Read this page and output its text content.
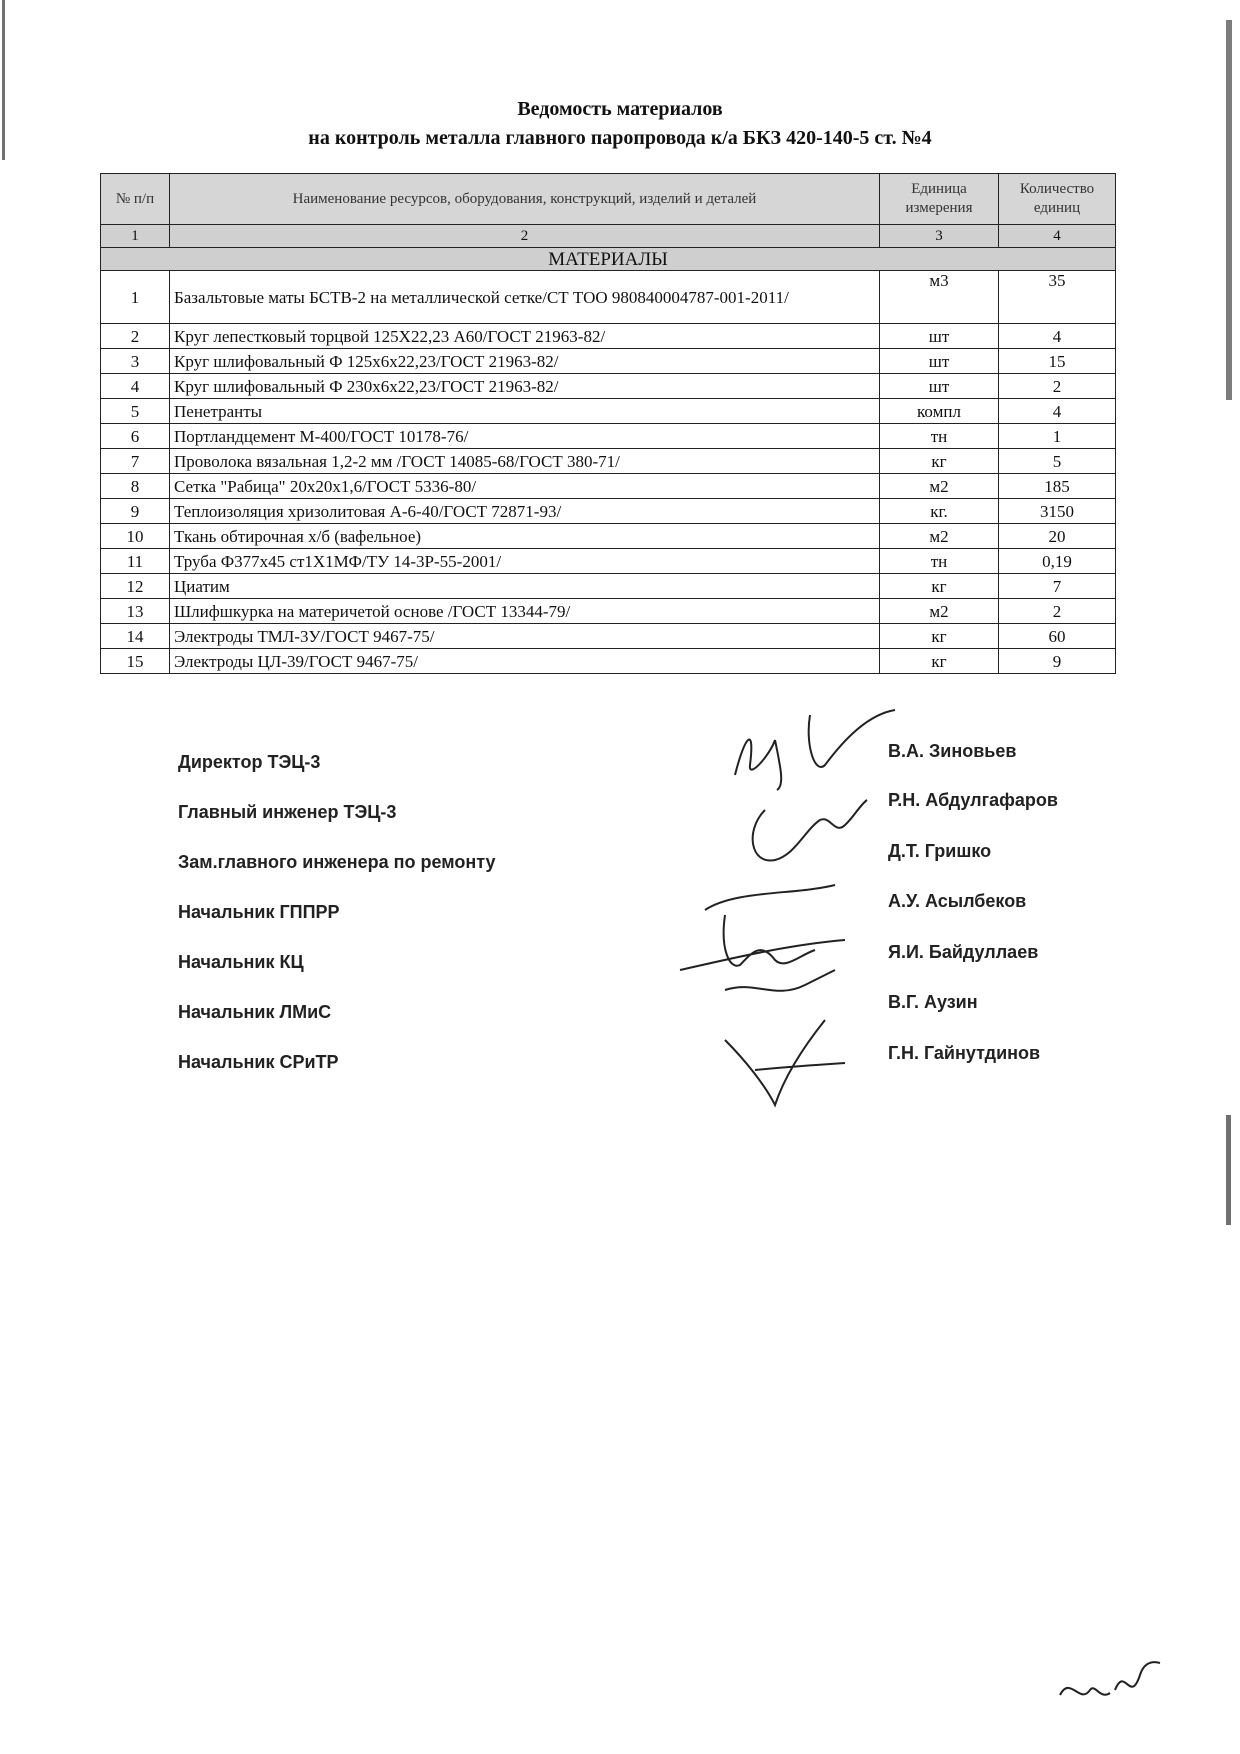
Ведомость материалов
на контроль металла главного паропровода к/а БКЗ 420-140-5 ст. №4
№ п/п	Наименование ресурсов, оборудования, конструкций, изделий и деталей	Единица измерения	Количество единиц
1	2	3	4
МАТЕРИАЛЫ			
1	Базальтовые маты БСТВ-2 на металлической сетке/СТ ТОО 980840004787-001-2011/	м3	35
2	Круг лепестковый торцвой 125Х22,23 А60/ГОСТ 21963-82/	шт	4
3	Круг шлифовальный Ф 125х6х22,23/ГОСТ 21963-82/	шт	15
4	Круг шлифовальный Ф 230х6х22,23/ГОСТ 21963-82/	шт	2
5	Пенетранты	компл	4
6	Портландцемент М-400/ГОСТ 10178-76/	тн	1
7	Проволока вязальная 1,2-2 мм /ГОСТ 14085-68/ГОСТ 380-71/	кг	5
8	Сетка "Рабица" 20х20х1,6/ГОСТ 5336-80/	м2	185
9	Теплоизоляция хризолитовая А-6-40/ГОСТ 72871-93/	кг.	3150
10	Ткань обтирочная х/б (вафельное)	м2	20
11	Труба Ф377х45 ст1Х1МФ/ТУ 14-3Р-55-2001/	тн	0,19
12	Циатим	кг	7
13	Шлифшкурка на материчетой основе /ГОСТ 13344-79/	м2	2
14	Электроды ТМЛ-3У/ГОСТ 9467-75/	кг	60
15	Электроды ЦЛ-39/ГОСТ 9467-75/	кг	9
Директор ТЭЦ-3
В.А. Зиновьев
Главный инженер ТЭЦ-3
Р.Н. Абдулгафаров
Зам.главного инженера по ремонту
Д.Т. Гришко
Начальник ГППРР
А.У. Асылбеков
Начальник КЦ	Я.И. Байдуллаев
Начальник ЛМиС	В.Г. Аузин
Начальник СРиТР	Г.Н. Гайнутдинов
